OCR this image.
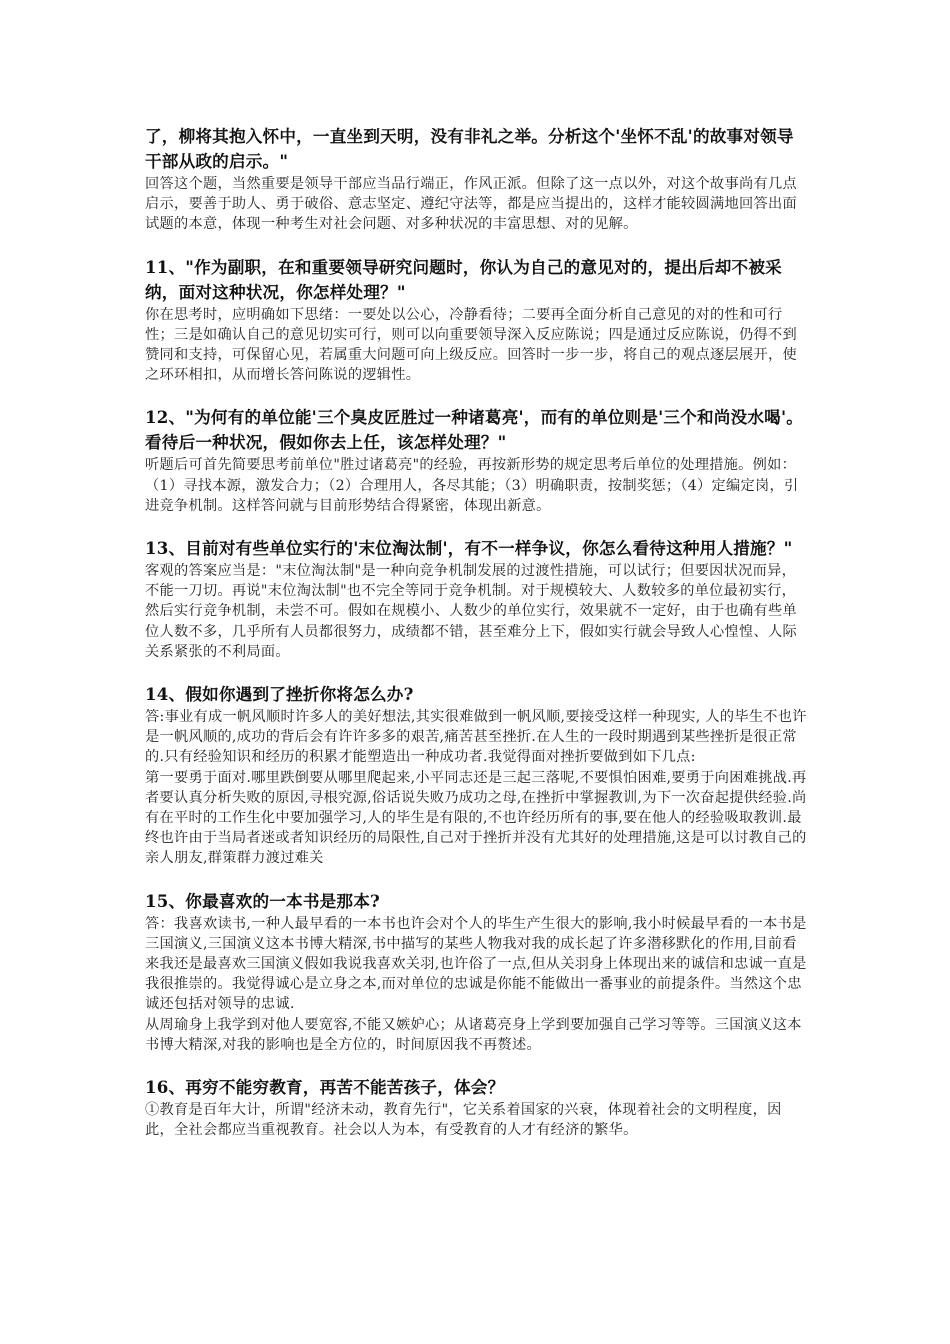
了，柳将其抱入怀中，一直坐到天明，没有非礼之举。分析这个'坐怀不乱'的故事对领导干部从政的启示。"

回答这个题，当然重要是领导干部应当品行端正，作风正派。但除了这一点以外，对这个故事尚有几点启示，要善于助人、勇于破俗、意志坚定、遵纪守法等，都是应当提出的，这样才能较圆满地回答出面试题的本意，体现一种考生对社会问题、对多种状况的丰富思想、对的见解。

11、"作为副职，在和重要领导研究问题时，你认为自己的意见对的，提出后却不被采纳，面对这种状况，你怎样处理？"

你在思考时，应明确如下思绪：一要处以公心，冷静看待；二要再全面分析自己意见的对的性和可行性；三是如确认自己的意见切实可行，则可以向重要领导深入反应陈说；四是通过反应陈说，仍得不到赞同和支持，可保留心见，若属重大问题可向上级反应。回答时一步一步，将自己的观点逐层展开，使之环环相扣，从而增长答问陈说的逻辑性。

12、"为何有的单位能'三个臭皮匠胜过一种诸葛亮'，而有的单位则是'三个和尚没水喝'。看待后一种状况，假如你去上任，该怎样处理？"

听题后可首先简要思考前单位"胜过诸葛亮"的经验，再按新形势的规定思考后单位的处理措施。例如：

（1）寻找本源，激发合力；（2）合理用人，各尽其能；（3）明确职责，按制奖惩；（4）定编定岗，引进竞争机制。这样答问就与目前形势结合得紧密，体现出新意。

13、目前对有些单位实行的'末位淘汰制'，有不一样争议，你怎么看待这种用人措施？"

客观的答案应当是："末位淘汰制"是一种向竞争机制发展的过渡性措施，可以试行；但要因状况而异，不能一刀切。再说"末位淘汰制"也不完全等同于竞争机制。对于规模较大、人数较多的单位最初实行，然后实行竞争机制，未尝不可。假如在规模小、人数少的单位实行，效果就不一定好，由于也确有些单位人数不多，几乎所有人员都很努力，成绩都不错，甚至难分上下，假如实行就会导致人心惶惶、人际关系紧张的不利局面。

14、假如你遇到了挫折你将怎么办?

答:事业有成一帆风顺时许多人的美好想法,其实很难做到一帆风顺,要接受这样一种现实, 人的毕生不也许是一帆风顺的,成功的背后会有许许多多的艰苦,痛苦甚至挫折.在人生的一段时期遇到某些挫折是很正常的.只有经验知识和经历的积累才能塑造出一种成功者.我觉得面对挫折要做到如下几点:

第一要勇于面对.哪里跌倒要从哪里爬起来,小平同志还是三起三落呢,不要惧怕困难,要勇于向困难挑战.再者要认真分析失败的原因,寻根究源,俗话说失败乃成功之母,在挫折中掌握教训,为下一次奋起提供经验.尚有在平时的工作生化中要加强学习,人的毕生是有限的,不也许经历所有的事,要在他人的经验吸取教训.最终也许由于当局者迷或者知识经历的局限性,自己对于挫折并没有尤其好的处理措施,这是可以讨教自己的亲人朋友,群策群力渡过难关

15、你最喜欢的一本书是那本?

答：我喜欢读书,一种人最早看的一本书也许会对个人的毕生产生很大的影响,我小时候最早看的一本书是三国演义,三国演义这本书博大精深,书中描写的某些人物我对我的成长起了许多潜移默化的作用,目前看来我还是最喜欢三国演义假如我说我喜欢关羽,也许俗了一点,但从关羽身上体现出来的诚信和忠诚一直是我很推崇的。我觉得诚心是立身之本,而对单位的忠诚是你能不能做出一番事业的前提条件。当然这个忠诚还包括对领导的忠诚.

从周瑜身上我学到对他人要宽容,不能又嫉妒心；从诸葛亮身上学到要加强自己学习等等。三国演义这本书博大精深,对我的影响也是全方位的，时间原因我不再赘述。

16、再穷不能穷教育，再苦不能苦孩子，体会？

①教育是百年大计，所谓"经济未动，教育先行"，它关系着国家的兴衰，体现着社会的文明程度，因此，全社会都应当重视教育。社会以人为本，有受教育的人才有经济的繁华。
